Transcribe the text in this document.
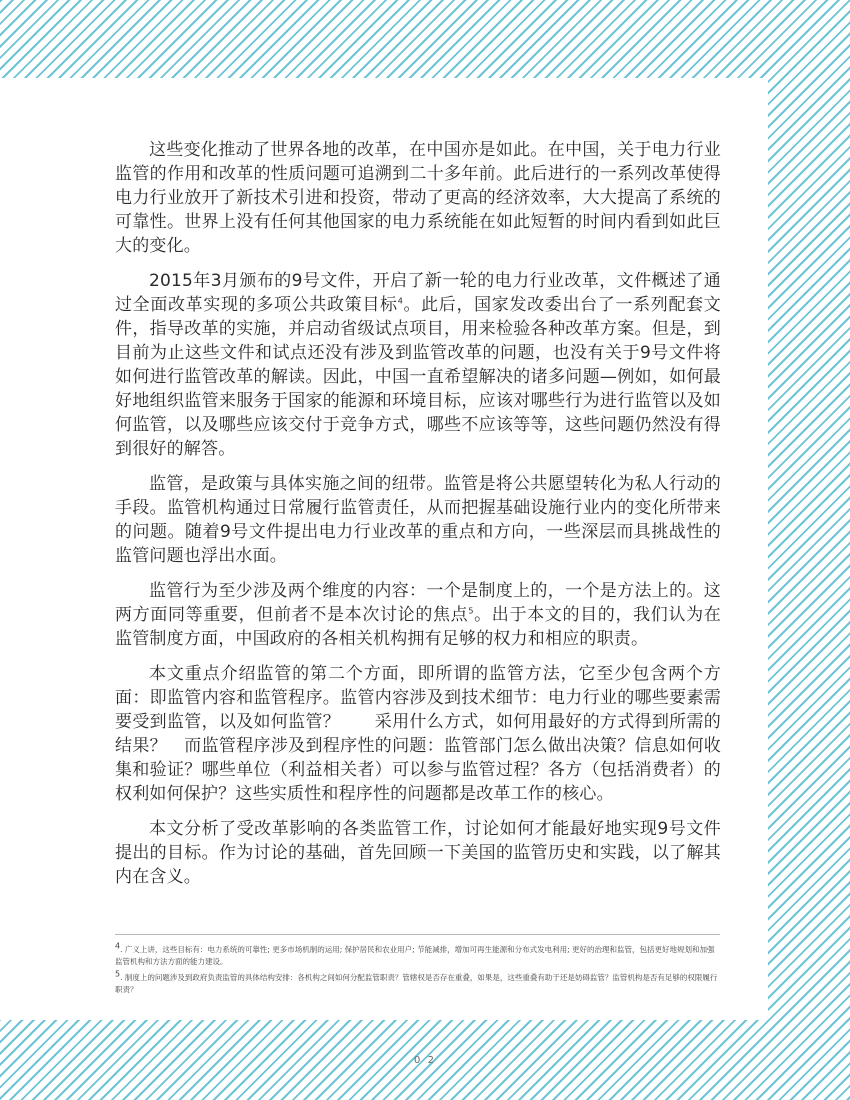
这些变化推动了世界各地的改革，在中国亦是如此。在中国，关于电力行业监管的作用和改革的性质问题可追溯到二十多年前。此后进行的一系列改革使得电力行业放开了新技术引进和投资，带动了更高的经济效率，大大提高了系统的可靠性。世界上没有任何其他国家的电力系统能在如此短暂的时间内看到如此巨大的变化。

2015年3月颁布的9号文件，开启了新一轮的电力行业改革，文件概述了通过全面改革实现的多项公共政策目标$^4$。此后，国家发改委出台了一系列配套文件，指导改革的实施，并启动省级试点项目，用来检验各种改革方案。但是，到目前为止这些文件和试点还没有涉及到监管改革的问题，也没有关于9号文件将如何进行监管改革的解读。因此，中国一直希望解决的诸多问题—例如，如何最好地组织监管来服务于国家的能源和环境目标，应该对哪些行为进行监管以及如何监管，以及哪些应该交付于竞争方式，哪些不应该等等，这些问题仍然没有得到很好的解答。

监管，是政策与具体实施之间的纽带。监管是将公共愿望转化为私人行动的手段。监管机构通过日常履行监管责任，从而把握基础设施行业内的变化所带来的问题。随着9号文件提出电力行业改革的重点和方向，一些深层而具挑战性的监管问题也浮出水面。

监管行为至少涉及两个维度的内容：一个是制度上的，一个是方法上的。这两方面同等重要，但前者不是本次讨论的焦点$^5$。出于本文的目的，我们认为在监管制度方面，中国政府的各相关机构拥有足够的权力和相应的职责。

本文重点介绍监管的第二个方面，即所谓的监管方法，它至少包含两个方面：即监管内容和监管程序。监管内容涉及到技术细节：电力行业的哪些要素需要受到监管，以及如何监管？　　采用什么方式，如何用最好的方式得到所需的结果？　而监管程序涉及到程序性的问题：监管部门怎么做出决策？信息如何收集和验证？哪些单位（利益相关者）可以参与监管过程？各方（包括消费者）的权利如何保护？这些实质性和程序性的问题都是改革工作的核心。

本文分析了受改革影响的各类监管工作，讨论如何才能最好地实现9号文件提出的目标。作为讨论的基础，首先回顾一下美国的监管历史和实践，以了解其内在含义。

$^4$. 广义上讲，这些目标有：电力系统的可靠性; 更多市场机制的运用; 保护居民和农业用户; 节能减排，增加可再生能源和分布式发电利用; 更好的治理和监管，包括更好地规划和加强监管机构和方法方面的能力建设。

$^5$. 制度上的问题涉及到政府负责监管的具体结构安排：各机构之间如何分配监管职责？管辖权是否存在重叠，如果是，这些重叠有助于还是妨碍监管？监管机构是否有足够的权限履行职责？

0 2
